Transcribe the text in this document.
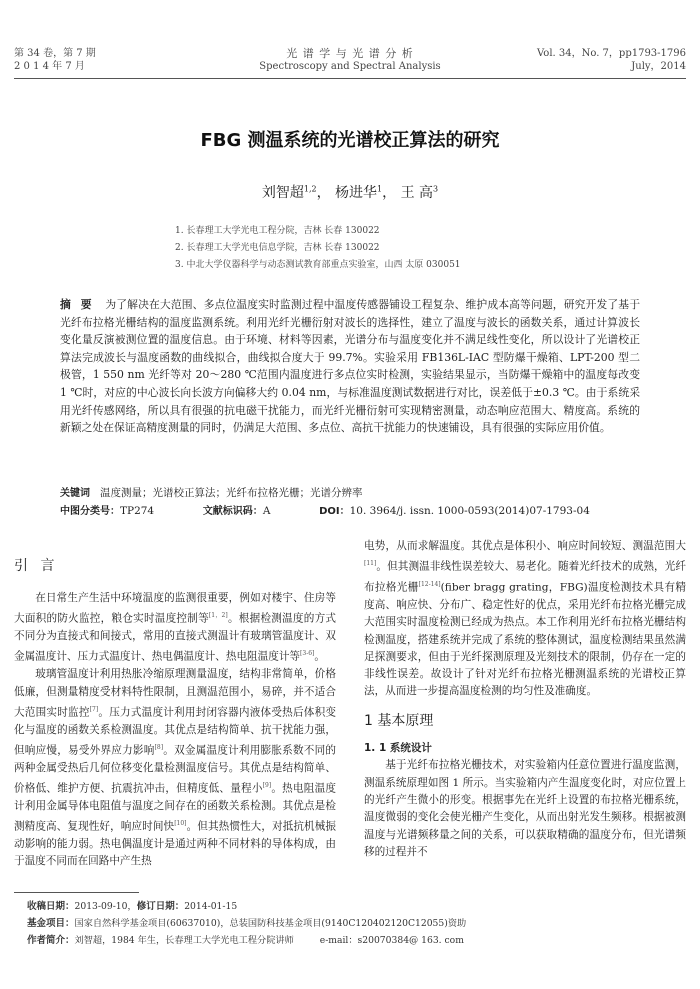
第 34 卷，第 7 期
2 0 1 4 年 7 月
光 谱 学 与 光 谱 分 析
Spectroscopy and Spectral Analysis
Vol. 34，No. 7，pp1793-1796
July，2014
FBG 测温系统的光谱校正算法的研究
刘智超$^{1,2}$， 杨进华$^1$， 王 高$^3$
1. 长春理工大学光电工程分院，吉林 长春 130022
2. 长春理工大学光电信息学院，吉林 长春 130022
3. 中北大学仪器科学与动态测试教育部重点实验室，山西 太原 030051
摘 要 为了解决在大范围、多点位温度实时监测过程中温度传感器铺设工程复杂、维护成本高等问题，研究开发了基于光纤布拉格光栅结构的温度监测系统。利用光纤光栅衍射对波长的选择性，建立了温度与波长的函数关系，通过计算波长变化量反演被测位置的温度信息。由于环境、材料等因素，光谱分布与温度变化并不满足线性变化，所以设计了光谱校正算法完成波长与温度函数的曲线拟合，曲线拟合度大于 99.7%。实验采用 FB136L-IAC 型防爆干燥箱、LPT-200 型二极管，1 550 nm 光纤等对 20～280 ℃范围内温度进行多点位实时检测，实验结果显示，当防爆干燥箱中的温度每改变 1 ℃时，对应的中心波长向长波方向偏移大约 0.04 nm，与标准温度测试数据进行对比，误差低于±0.3 ℃。由于系统采用光纤传感网络，所以具有很强的抗电磁干扰能力，而光纤光栅衍射可实现精密测量，动态响应范围大、精度高。系统的新颖之处在保证高精度测量的同时，仍满足大范围、多点位、高抗干扰能力的快速铺设，具有很强的实际应用价值。
关键词 温度测量；光谱校正算法；光纤布拉格光栅；光谱分辨率
中图分类号：TP274	文献标识码：A	DOI：10. 3964/j. issn. 1000-0593(2014)07-1793-04
引 言

在日常生产生活中环境温度的监测很重要，例如对楼宇、住房等大面积的防火监控，粮仓实时温度控制等[1，2]。根据检测温度的方式不同分为直接式和间接式，常用的直接式测温计有玻璃管温度计、双金属温度计、压力式温度计、热电偶温度计、热电阻温度计等[3-6]。

玻璃管温度计利用热胀冷缩原理测量温度，结构非常简单，价格低廉，但测量精度受材料特性限制，且测温范围小，易碎，并不适合大范围实时监控[7]。压力式温度计利用封闭容器内液体受热后体积变化与温度的函数关系检测温度。其优点是结构简单、抗干扰能力强，但响应慢，易受外界应力影响[8]。双金属温度计利用膨胀系数不同的两种金属受热后几何位移变化量检测温度信号。其优点是结构简单、价格低、维护方便、抗震抗冲击，但精度低、量程小[9]。热电阻温度计利用金属导体电阻值与温度之间存在的函数关系检测。其优点是检测精度高、复现性好，响应时间快[10]。但其热惯性大，对抵抗机械振动影响的能力弱。热电偶温度计是通过两种不同材料的导体构成，由于温度不同而在回路中产生热

电势，从而求解温度。其优点是体积小、响应时间较短、测温范围大[11]。但其测温非线性误差较大、易老化。随着光纤技术的成熟，光纤布拉格光栅[12-14](fiber bragg grating，FBG)温度检测技术具有精度高、响应快、分布广、稳定性好的优点，采用光纤布拉格光栅完成大范围实时温度检测已经成为热点。本工作利用光纤布拉格光栅结构检测温度，搭建系统并完成了系统的整体测试，温度检测结果虽然满足探测要求，但由于光纤探测原理及光刻技术的限制，仍存在一定的非线性误差。故设计了针对光纤布拉格光栅测温系统的光谱校正算法，从而进一步提高温度检测的均匀性及准确度。

1 基本原理
1. 1 系统设计

基于光纤布拉格光栅技术，对实验箱内任意位置进行温度监测，测温系统原理如图 1 所示。当实验箱内产生温度变化时，对应位置上的光纤产生微小的形变。根据事先在光纤上设置的布拉格光栅系统，温度微弱的变化会使光栅产生变化，从而出射光发生频移。根据被测温度与光谱频移量之间的关系，可以获取精确的温度分布，但光谱频移的过程并不

收稿日期：2013-09-10，修订日期：2014-01-15
基金项目：国家自然科学基金项目(60637010)，总装国防科技基金项目(9140C120402120C12055)资助
作者简介：刘智超，1984 年生，长春理工大学光电工程分院讲师	e-mail：s20070384@ 163. com
